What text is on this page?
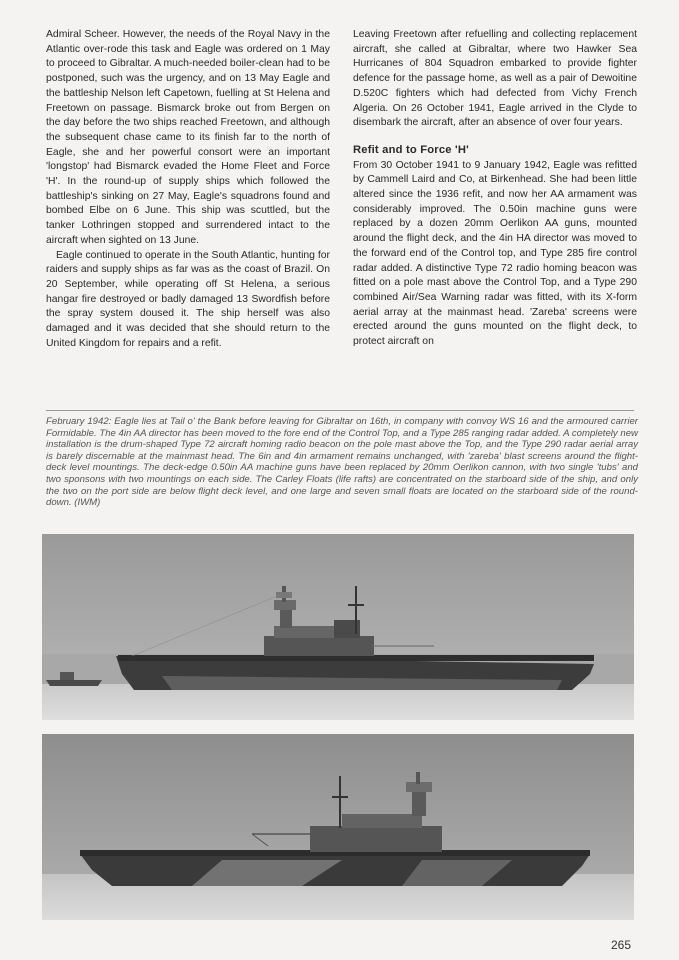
Admiral Scheer. However, the needs of the Royal Navy in the Atlantic over-rode this task and Eagle was ordered on 1 May to proceed to Gibraltar. A much-needed boiler-clean had to be postponed, such was the urgency, and on 13 May Eagle and the battleship Nelson left Capetown, fuelling at St Helena and Freetown on passage. Bismarck broke out from Bergen on the day before the two ships reached Freetown, and although the subsequent chase came to its finish far to the north of Eagle, she and her powerful consort were an important 'longstop' had Bismarck evaded the Home Fleet and Force 'H'. In the round-up of supply ships which followed the battleship's sinking on 27 May, Eagle's squadrons found and bombed Elbe on 6 June. This ship was scuttled, but the tanker Lothringen stopped and surrendered intact to the aircraft when sighted on 13 June.

Eagle continued to operate in the South Atlantic, hunting for raiders and supply ships as far was as the coast of Brazil. On 20 September, while operating off St Helena, a serious hangar fire destroyed or badly damaged 13 Swordfish before the spray system doused it. The ship herself was also damaged and it was decided that she should return to the United Kingdom for repairs and a refit.

Leaving Freetown after refuelling and collecting replacement aircraft, she called at Gibraltar, where two Hawker Sea Hurricanes of 804 Squadron embarked to provide fighter defence for the passage home, as well as a pair of Dewoitine D.520C fighters which had defected from Vichy French Algeria. On 26 October 1941, Eagle arrived in the Clyde to disembark the aircraft, after an absence of over four years.

Refit and to Force 'H'

From 30 October 1941 to 9 January 1942, Eagle was refitted by Cammell Laird and Co, at Birkenhead. She had been little altered since the 1936 refit, and now her AA armament was considerably improved. The 0.50in machine guns were replaced by a dozen 20mm Oerlikon AA guns, mounted around the flight deck, and the 4in HA director was moved to the forward end of the Control top, and Type 285 fire control radar added. A distinctive Type 72 radio homing beacon was fitted on a pole mast above the Control Top, and a Type 290 combined Air/Sea Warning radar was fitted, with its X-form aerial array at the mainmast head. 'Zareba' screens were erected around the guns mounted on the flight deck, to protect aircraft on

February 1942: Eagle lies at Tail o' the Bank before leaving for Gibraltar on 16th, in company with convoy WS 16 and the armoured carrier Formidable. The 4in AA director has been moved to the fore end of the Control Top, and a Type 285 ranging radar added. A completely new installation is the drum-shaped Type 72 aircraft homing radio beacon on the pole mast above the Top, and the Type 290 radar aerial array is barely discernable at the mainmast head. The 6in and 4in armament remains unchanged, with 'zareba' blast screens around the flight-deck level mountings. The deck-edge 0.50in AA machine guns have been replaced by 20mm Oerlikon cannon, with two single 'tubs' and two sponsons with two mountings on each side. The Carley Floats (life rafts) are concentrated on the starboard side of the ship, and only the two on the port side are below flight deck level, and one large and seven small floats are located on the starboard side of the round-down. (IWM)
265
